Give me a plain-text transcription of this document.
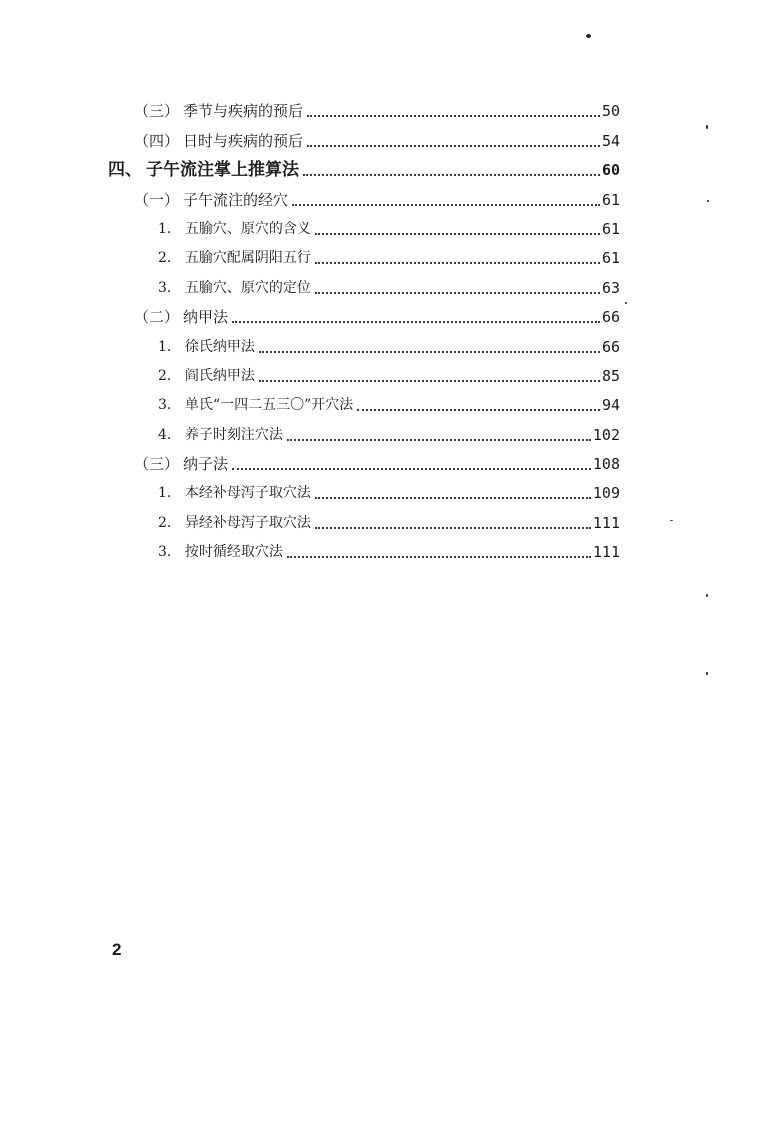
（三） 季节与疾病的预后	50
（四） 日时与疾病的预后	54
四、 子午流注掌上推算法	60
（一） 子午流注的经穴	61
1． 五腧穴、原穴的含义	61
2． 五腧穴配属阴阳五行	61
3． 五腧穴、原穴的定位	63
（二） 纳甲法	66
1． 徐氏纳甲法	66
2． 阎氏纳甲法	85
3． 单氏“一四二五三〇”开穴法	94
4． 养子时刻注穴法	102
（三） 纳子法	108
1． 本经补母泻子取穴法	109
2． 异经补母泻子取穴法	111
3． 按时循经取穴法	111
2
